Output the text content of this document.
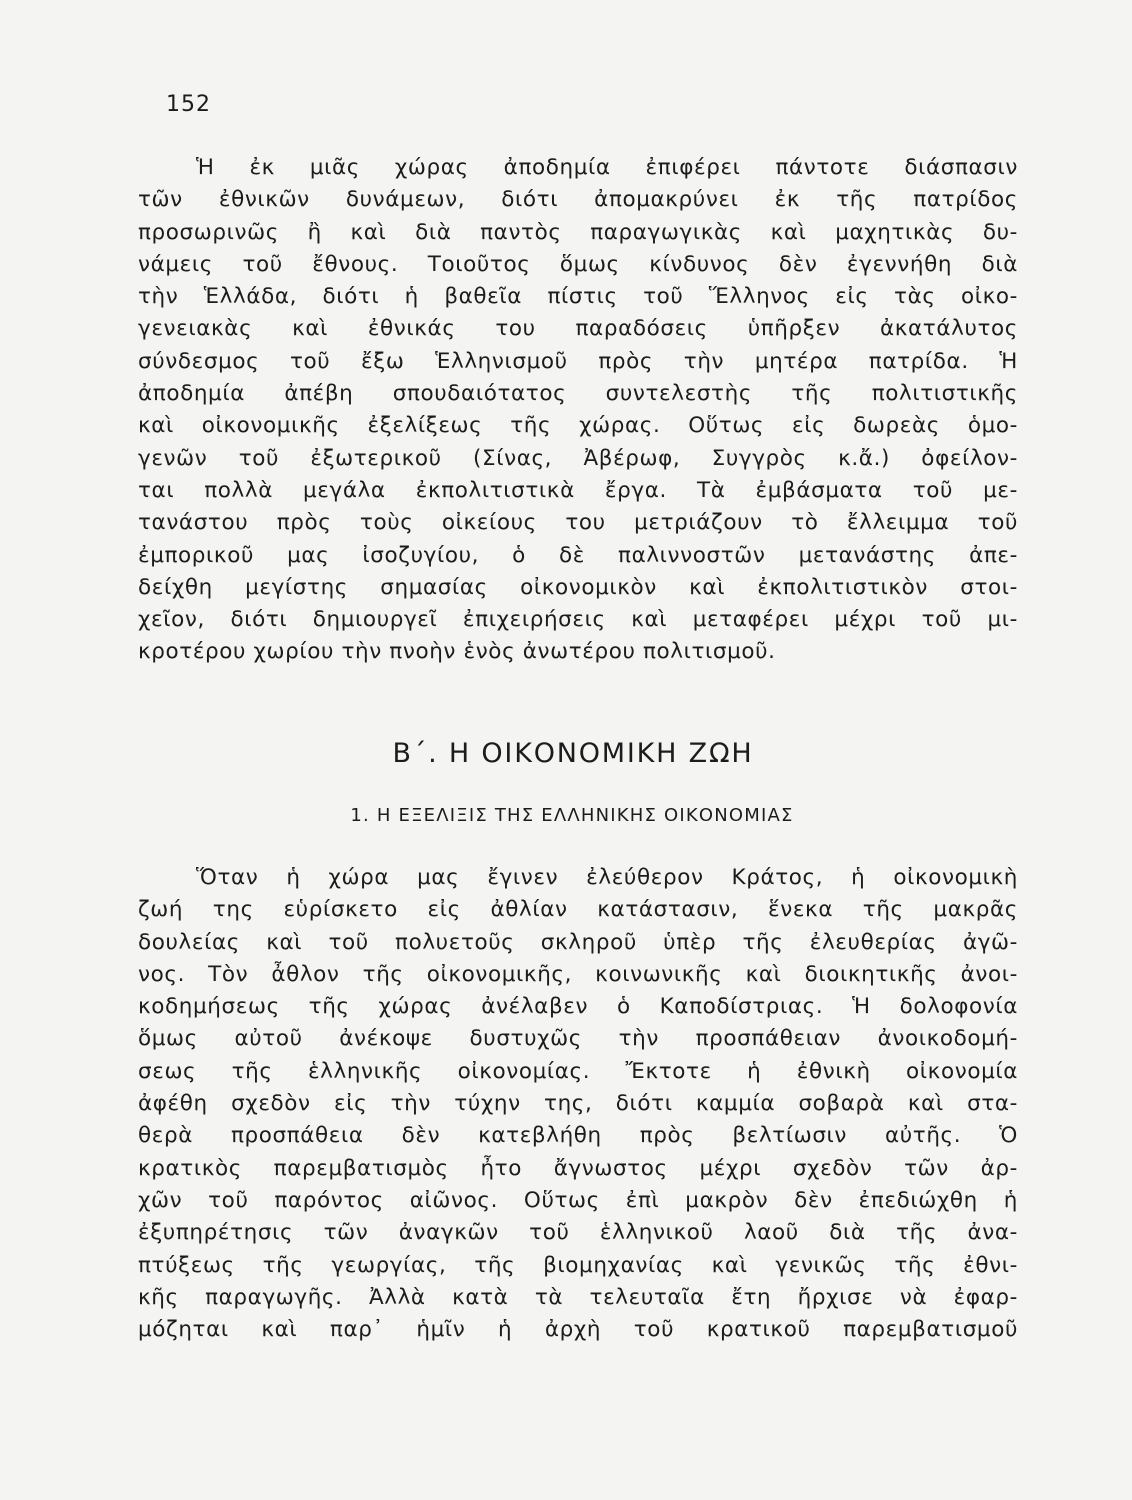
152
Ἡ ἐκ μιᾶς χώρας ἀποδημία ἐπιφέρει πάντοτε διάσπασιν
τῶν ἐθνικῶν δυνάμεων, διότι ἀπομακρύνει ἐκ τῆς πατρίδος
προσωρινῶς ἢ καὶ διὰ παντὸς παραγωγικὰς καὶ μαχητικὰς δυ-
νάμεις τοῦ ἔθνους. Τοιοῦτος ὅμως κίνδυνος δὲν ἐγεννήθη διὰ
τὴν Ἑλλάδα, διότι ἡ βαθεῖα πίστις τοῦ Ἕλληνος εἰς τὰς οἰκο-
γενειακὰς καὶ ἐθνικάς του παραδόσεις ὑπῆρξεν ἀκατάλυτος
σύνδεσμος τοῦ ἔξω Ἑλληνισμοῦ πρὸς τὴν μητέρα πατρίδα. Ἡ
ἀποδημία ἀπέβη σπουδαιότατος συντελεστὴς τῆς πολιτιστικῆς
καὶ οἰκονομικῆς ἐξελίξεως τῆς χώρας. Οὕτως εἰς δωρεὰς ὁμο-
γενῶν τοῦ ἐξωτερικοῦ (Σίνας, Ἀβέρωφ, Συγγρὸς κ.ἄ.) ὀφείλον-
ται πολλὰ μεγάλα ἐκπολιτιστικὰ ἔργα. Τὰ ἐμβάσματα τοῦ με-
τανάστου πρὸς τοὺς οἰκείους του μετριάζουν τὸ ἔλλειμμα τοῦ
ἐμπορικοῦ μας ἰσοζυγίου, ὁ δὲ παλιννοστῶν μετανάστης ἀπε-
δείχθη μεγίστης σημασίας οἰκονομικὸν καὶ ἐκπολιτιστικὸν στοι-
χεῖον, διότι δημιουργεῖ ἐπιχειρήσεις καὶ μεταφέρει μέχρι τοῦ μι-
κροτέρου χωρίου τὴν πνοὴν ἑνὸς ἀνωτέρου πολιτισμοῦ.
Β΄. Η ΟΙΚΟΝΟΜΙΚΗ ΖΩΗ
1. Η ΕΞΕΛΙΞΙΣ ΤΗΣ ΕΛΛΗΝΙΚΗΣ ΟΙΚΟΝΟΜΙΑΣ
Ὅταν ἡ χώρα μας ἔγινεν ἐλεύθερον Κράτος, ἡ οἰκονομικὴ
ζωή της εὑρίσκετο εἰς ἀθλίαν κατάστασιν, ἕνεκα τῆς μακρᾶς
δουλείας καὶ τοῦ πολυετοῦς σκληροῦ ὑπὲρ τῆς ἐλευθερίας ἀγῶ-
νος. Τὸν ἆθλον τῆς οἰκονομικῆς, κοινωνικῆς καὶ διοικητικῆς ἀνοι-
κοδημήσεως τῆς χώρας ἀνέλαβεν ὁ Καποδίστριας. Ἡ δολοφονία
ὅμως αὐτοῦ ἀνέκοψε δυστυχῶς τὴν προσπάθειαν ἀνοικοδομή-
σεως τῆς ἑλληνικῆς οἰκονομίας. Ἔκτοτε ἡ ἐθνικὴ οἰκονομία
ἀφέθη σχεδὸν εἰς τὴν τύχην της, διότι καμμία σοβαρὰ καὶ στα-
θερὰ προσπάθεια δὲν κατεβλήθη πρὸς βελτίωσιν αὐτῆς. Ὁ
κρατικὸς παρεμβατισμὸς ἦτο ἄγνωστος μέχρι σχεδὸν τῶν ἀρ-
χῶν τοῦ παρόντος αἰῶνος. Οὕτως ἐπὶ μακρὸν δὲν ἐπεδιώχθη ἡ
ἐξυπηρέτησις τῶν ἀναγκῶν τοῦ ἑλληνικοῦ λαοῦ διὰ τῆς ἀνα-
πτύξεως τῆς γεωργίας, τῆς βιομηχανίας καὶ γενικῶς τῆς ἐθνι-
κῆς παραγωγῆς. Ἀλλὰ κατὰ τὰ τελευταῖα ἔτη ἤρχισε νὰ ἐφαρ-
μόζηται καὶ παρ᾿ ἡμῖν ἡ ἀρχὴ τοῦ κρατικοῦ παρεμβατισμοῦ
